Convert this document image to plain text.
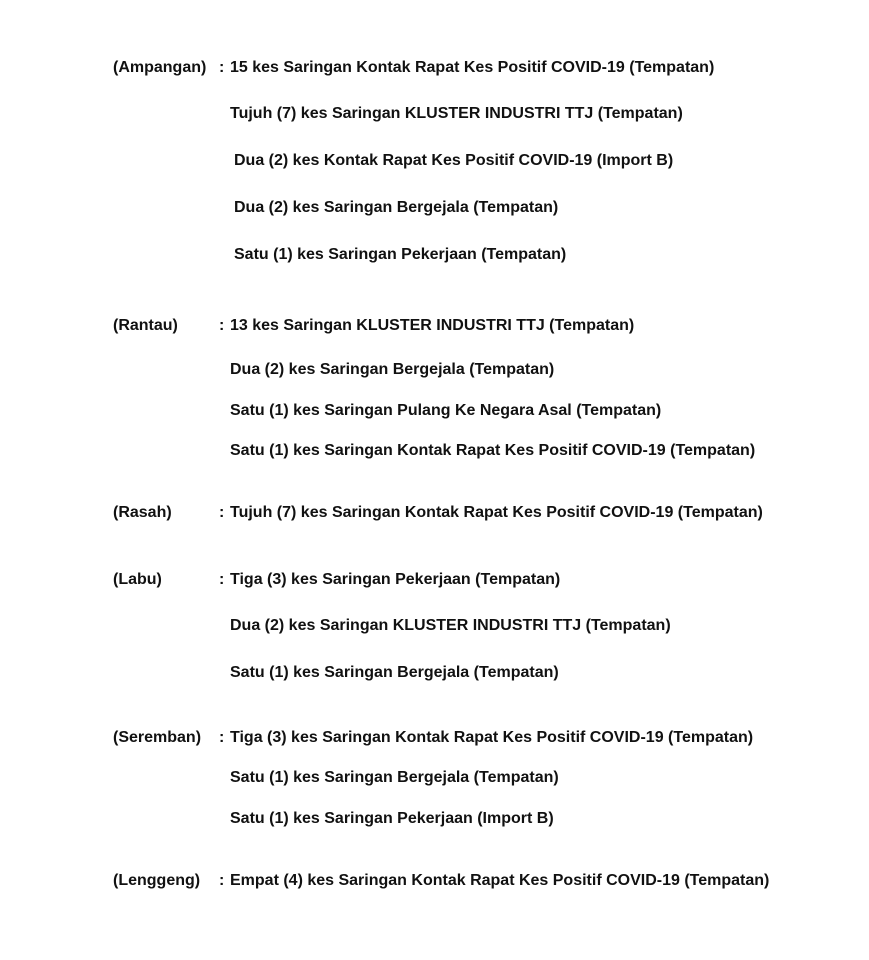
(Ampangan) : 15 kes Saringan Kontak Rapat Kes Positif COVID-19 (Tempatan)
Tujuh (7) kes Saringan KLUSTER INDUSTRI TTJ (Tempatan)
Dua (2) kes Kontak Rapat Kes Positif COVID-19 (Import B)
Dua (2) kes Saringan Bergejala (Tempatan)
Satu (1) kes Saringan Pekerjaan (Tempatan)
(Rantau)	: 13 kes Saringan KLUSTER INDUSTRI TTJ (Tempatan)
Dua (2) kes Saringan Bergejala (Tempatan)
Satu (1) kes Saringan Pulang Ke Negara Asal (Tempatan)
Satu (1) kes Saringan Kontak Rapat Kes Positif COVID-19 (Tempatan)
(Rasah)	: Tujuh (7) kes Saringan Kontak Rapat Kes Positif COVID-19 (Tempatan)
(Labu)	: Tiga (3) kes Saringan Pekerjaan (Tempatan)
Dua (2) kes Saringan KLUSTER INDUSTRI TTJ (Tempatan)
Satu (1) kes Saringan Bergejala (Tempatan)
(Seremban) : Tiga (3) kes Saringan Kontak Rapat Kes Positif COVID-19 (Tempatan)
Satu (1) kes Saringan Bergejala (Tempatan)
Satu (1) kes Saringan Pekerjaan (Import B)
(Lenggeng) : Empat (4) kes Saringan Kontak Rapat Kes Positif COVID-19 (Tempatan)
